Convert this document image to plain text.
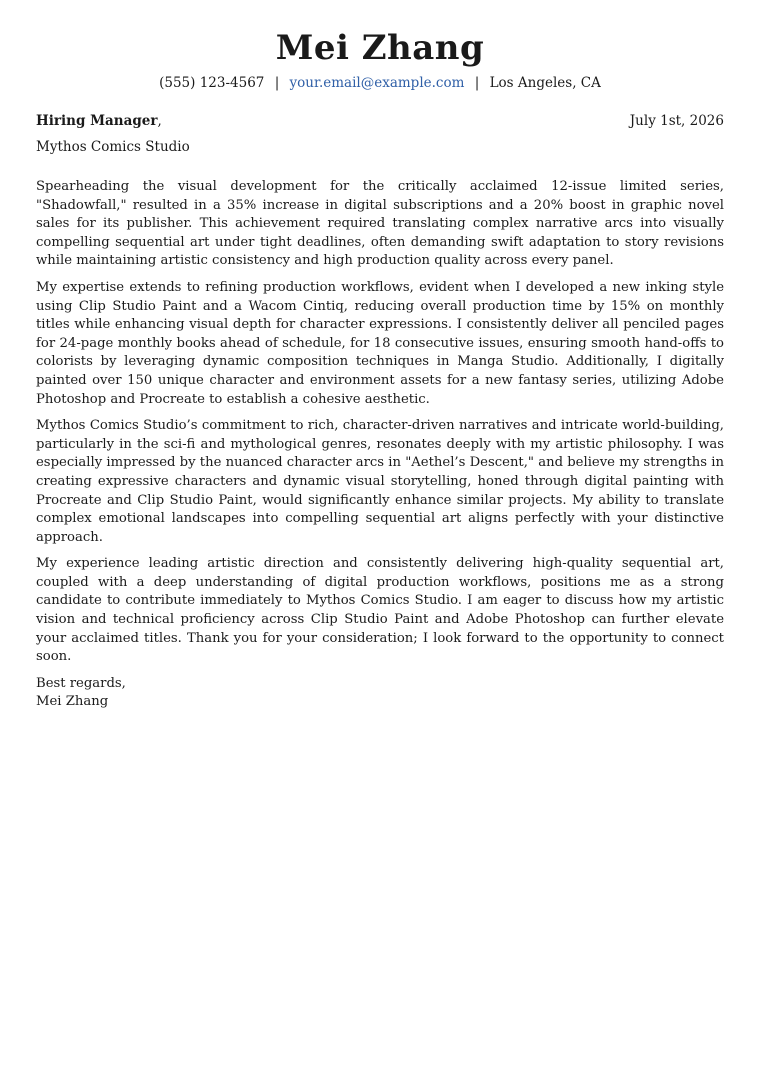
Mei Zhang
(555) 123-4567 | your.email@example.com | Los Angeles, CA
Hiring Manager,	July 1st, 2026
Mythos Comics Studio

Spearheading the visual development for the critically acclaimed 12-issue limited series, "Shadowfall," resulted in a 35% increase in digital subscriptions and a 20% boost in graphic novel sales for its publisher. This achievement required translating complex narrative arcs into visually compelling sequential art under tight deadlines, often demanding swift adaptation to story revisions while maintaining artistic consistency and high production quality across every panel.

My expertise extends to refining production workflows, evident when I developed a new inking style using Clip Studio Paint and a Wacom Cintiq, reducing overall production time by 15% on monthly titles while enhancing visual depth for character expressions. I consistently deliver all penciled pages for 24-page monthly books ahead of schedule, for 18 consecutive issues, ensuring smooth hand-offs to colorists by leveraging dynamic composition techniques in Manga Studio. Additionally, I digitally painted over 150 unique character and environment assets for a new fantasy series, utilizing Adobe Photoshop and Procreate to establish a cohesive aesthetic.

Mythos Comics Studio’s commitment to rich, character-driven narratives and intricate world-building, particularly in the sci-fi and mythological genres, resonates deeply with my artistic philosophy. I was especially impressed by the nuanced character arcs in "Aethel’s Descent," and believe my strengths in creating expressive characters and dynamic visual storytelling, honed through digital painting with Procreate and Clip Studio Paint, would significantly enhance similar projects. My ability to translate complex emotional landscapes into compelling sequential art aligns perfectly with your distinctive approach.

My experience leading artistic direction and consistently delivering high-quality sequential art, coupled with a deep understanding of digital production workflows, positions me as a strong candidate to contribute immediately to Mythos Comics Studio. I am eager to discuss how my artistic vision and technical proficiency across Clip Studio Paint and Adobe Photoshop can further elevate your acclaimed titles. Thank you for your consideration; I look forward to the opportunity to connect soon.

Best regards,
Mei Zhang
